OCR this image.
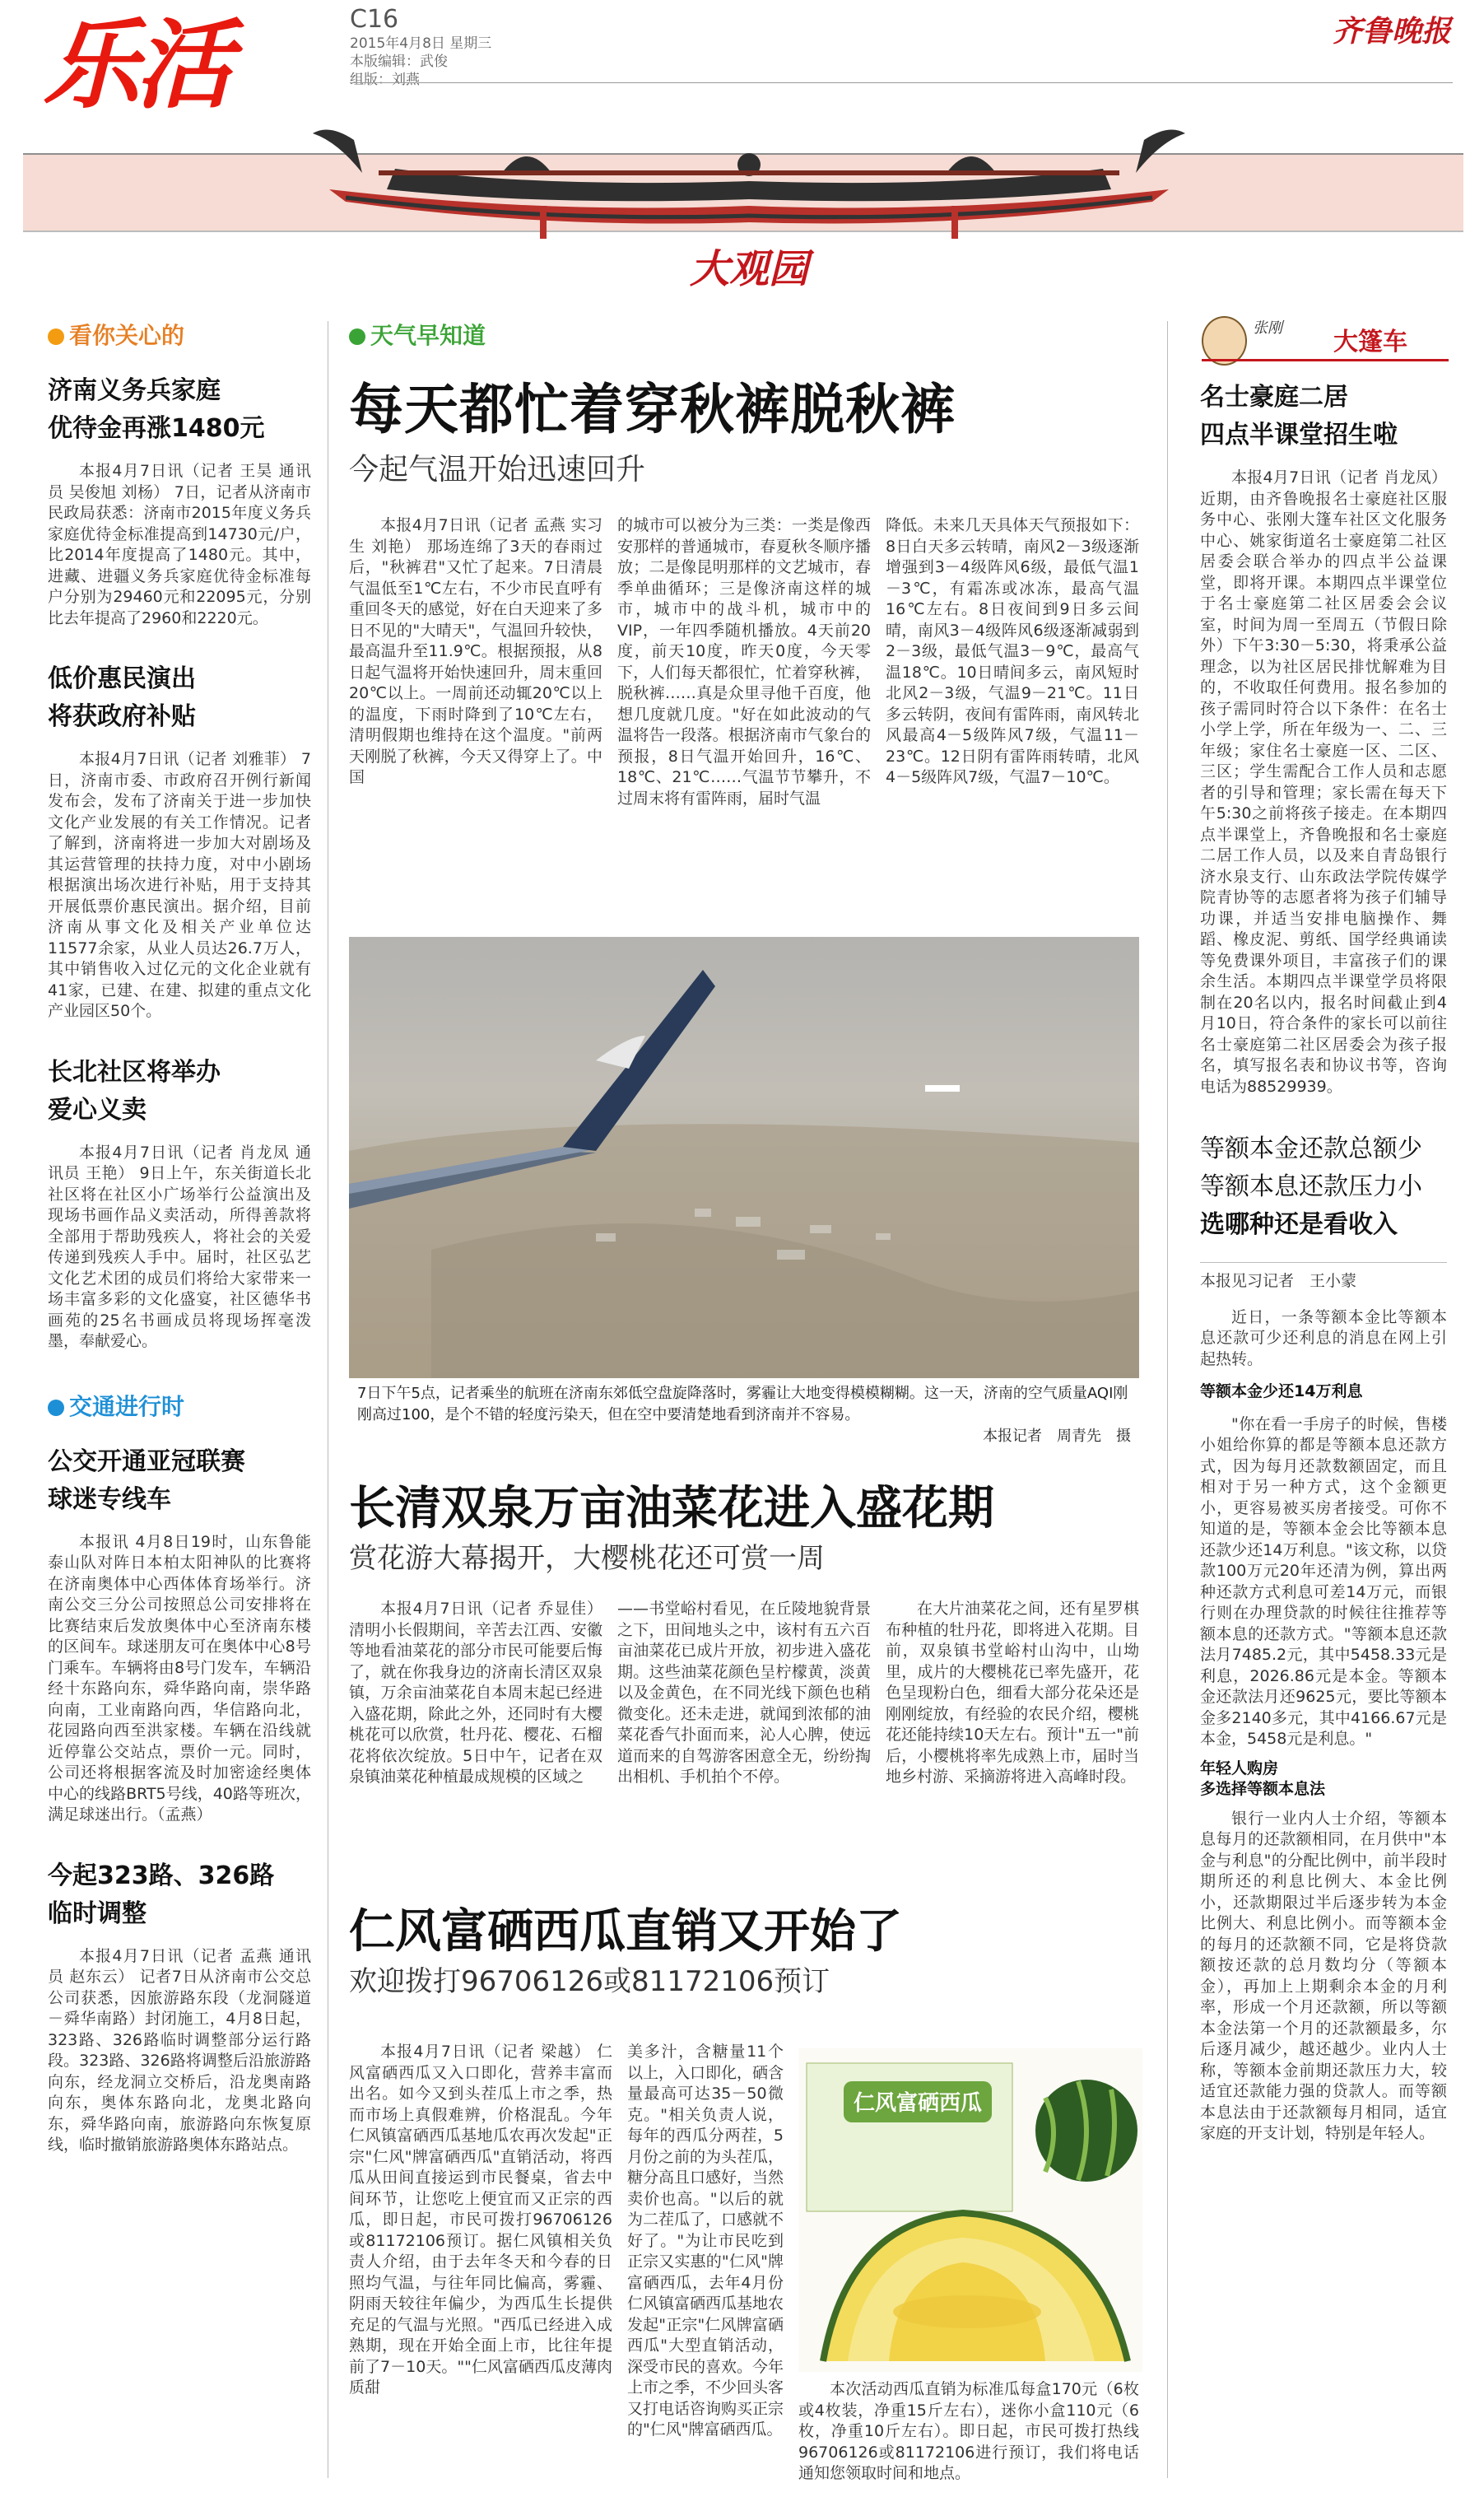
乐活	C16
2015年4月8日 星期三
本版编辑：武俊
组版：刘燕
齐鲁晚报
大观园
看你关心的
济南义务兵家庭
优待金再涨1480元
本报4月7日讯（记者 王昊 通讯员 吴俊旭 刘杨） 7日，记者从济南市民政局获悉：济南市2015年度义务兵家庭优待金标准提高到14730元/户，比2014年度提高了1480元。其中，进藏、进疆义务兵家庭优待金标准每户分别为29460元和22095元，分别比去年提高了2960和2220元。
低价惠民演出
将获政府补贴
本报4月7日讯（记者 刘雅菲） 7日，济南市委、市政府召开例行新闻发布会，发布了济南关于进一步加快文化产业发展的有关工作情况。记者了解到，济南将进一步加大对剧场及其运营管理的扶持力度，对中小剧场根据演出场次进行补贴，用于支持其开展低票价惠民演出。据介绍，目前济南从事文化及相关产业单位达11577余家，从业人员达26.7万人，其中销售收入过亿元的文化企业就有41家，已建、在建、拟建的重点文化产业园区50个。
长北社区将举办
爱心义卖
本报4月7日讯（记者 肖龙凤 通讯员 王艳） 9日上午，东关街道长北社区将在社区小广场举行公益演出及现场书画作品义卖活动，所得善款将全部用于帮助残疾人，将社会的关爱传递到残疾人手中。届时，社区弘艺文化艺术团的成员们将给大家带来一场丰富多彩的文化盛宴，社区德华书画苑的25名书画成员将现场挥毫泼墨，奉献爱心。
交通进行时
公交开通亚冠联赛
球迷专线车
本报讯 4月8日19时，山东鲁能泰山队对阵日本柏太阳神队的比赛将在济南奥体中心西体体育场举行。济南公交三分公司按照总公司安排将在比赛结束后发放奥体中心至济南东楼的区间车。球迷朋友可在奥体中心8号门乘车。车辆将由8号门发车，车辆沿经十东路向东，舜华路向南，崇华路向南，工业南路向西，华信路向北，花园路向西至洪家楼。车辆在沿线就近停靠公交站点，票价一元。同时，公司还将根据客流及时加密途经奥体中心的线路BRT5号线，40路等班次，满足球迷出行。（孟燕）
今起323路、326路
临时调整
本报4月7日讯（记者 孟燕 通讯员 赵东云） 记者7日从济南市公交总公司获悉，因旅游路东段（龙洞隧道－舜华南路）封闭施工，4月8日起，323路、326路临时调整部分运行路段。323路、326路将调整后沿旅游路向东，经龙洞立交桥后，沿龙奥南路向东，奥体东路向北，龙奥北路向东，舜华路向南，旅游路向东恢复原线，临时撤销旅游路奥体东路站点。
天气早知道
每天都忙着穿秋裤脱秋裤
今起气温开始迅速回升
本报4月7日讯（记者 孟燕 实习生 刘艳） 那场连绵了3天的春雨过后，"秋裤君"又忙了起来。7日清晨气温低至1℃左右，不少市民直呼有重回冬天的感觉，好在白天迎来了多日不见的"大晴天"，气温回升较快，最高温升至11.9℃。根据预报，从8日起气温将开始快速回升，周末重回20℃以上。一周前还动辄20℃以上的温度，下雨时降到了10℃左右，清明假期也维持在这个温度。"前两天刚脱了秋裤，今天又得穿上了。中国
的城市可以被分为三类：一类是像西安那样的普通城市，春夏秋冬顺序播放；二是像昆明那样的文艺城市，春季单曲循环；三是像济南这样的城市，城市中的战斗机，城市中的VIP，一年四季随机播放。4天前20度，前天10度，昨天0度，今天零下，人们每天都很忙，忙着穿秋裤，脱秋裤……真是众里寻他千百度，他想几度就几度。"好在如此波动的气温将告一段落。根据济南市气象台的预报，8日气温开始回升，16℃、18℃、21℃……气温节节攀升，不过周末将有雷阵雨，届时气温
降低。未来几天具体天气预报如下：8日白天多云转晴，南风2－3级逐渐增强到3－4级阵风6级，最低气温1－3℃，有霜冻或冰冻，最高气温16℃左右。8日夜间到9日多云间晴，南风3－4级阵风6级逐渐减弱到2－3级，最低气温3－9℃，最高气温18℃。10日晴间多云，南风短时北风2－3级，气温9－21℃。11日多云转阴，夜间有雷阵雨，南风转北风最高4－5级阵风7级，气温11－23℃。12日阴有雷阵雨转晴，北风4－5级阵风7级，气温7－10℃。
7日下午5点，记者乘坐的航班在济南东郊低空盘旋降落时，雾霾让大地变得模模糊糊。这一天，济南的空气质量AQI刚刚高过100，是个不错的轻度污染天，但在空中要清楚地看到济南并不容易。
本报记者　周青先　摄
长清双泉万亩油菜花进入盛花期
赏花游大幕揭开，大樱桃花还可赏一周
本报4月7日讯（记者 乔显佳） 清明小长假期间，辛苦去江西、安徽等地看油菜花的部分市民可能要后悔了，就在你我身边的济南长清区双泉镇，万余亩油菜花自本周末起已经进入盛花期，除此之外，还同时有大樱桃花可以欣赏，牡丹花、樱花、石榴花将依次绽放。5日中午，记者在双泉镇油菜花种植最成规模的区域之
——书堂峪村看见，在丘陵地貌背景之下，田间地头之中，该村有五六百亩油菜花已成片开放，初步进入盛花期。这些油菜花颜色呈柠檬黄，淡黄以及金黄色，在不同光线下颜色也稍微变化。还未走进，就闻到浓郁的油菜花香气扑面而来，沁人心脾，使远道而来的自驾游客困意全无，纷纷掏出相机、手机拍个不停。
在大片油菜花之间，还有星罗棋布种植的牡丹花，即将进入花期。目前，双泉镇书堂峪村山沟中，山坳里，成片的大樱桃花已率先盛开，花色呈现粉白色，细看大部分花朵还是刚刚绽放，有经验的农民介绍，樱桃花还能持续10天左右。预计"五一"前后，小樱桃将率先成熟上市，届时当地乡村游、采摘游将进入高峰时段。
仁风富硒西瓜直销又开始了
欢迎拨打96706126或81172106预订
本报4月7日讯（记者 梁越） 仁风富硒西瓜又入口即化，营养丰富而出名。如今又到头茬瓜上市之季，热而市场上真假难辨，价格混乱。今年仁风镇富硒西瓜基地瓜农再次发起"正宗"仁风"牌富硒西瓜"直销活动，将西瓜从田间直接运到市民餐桌，省去中间环节，让您吃上便宜而又正宗的西瓜，即日起，市民可拨打96706126或81172106预订。据仁风镇相关负责人介绍，由于去年冬天和今春的日照均气温，与往年同比偏高，雾霾、阴雨天较往年偏少，为西瓜生长提供充足的气温与光照。"西瓜已经进入成熟期，现在开始全面上市，比往年提前了7－10天。""仁风富硒西瓜皮薄肉质甜
美多汁，含糖量11个以上，入口即化，硒含量最高可达35－50微克。"相关负责人说，每年的西瓜分两茬，5月份之前的为头茬瓜，糖分高且口感好，当然卖价也高。"以后的就为二茬瓜了，口感就不好了。"为让市民吃到正宗又实惠的"仁风"牌富硒西瓜，去年4月份仁风镇富硒西瓜基地农发起"正宗"仁风牌富硒西瓜"大型直销活动，深受市民的喜欢。今年上市之季，不少回头客又打电话咨询购买正宗的"仁风"牌富硒西瓜。
仁风富硒西瓜
本次活动西瓜直销为标准瓜每盒170元（6枚或4枚装，净重15斤左右），迷你小盒110元（6枚，净重10斤左右）。即日起，市民可拨打热线96706126或81172106进行预订，我们将电话通知您领取时间和地点。
张刚 大篷车
名士豪庭二居
四点半课堂招生啦
本报4月7日讯（记者 肖龙凤） 近期，由齐鲁晚报名士豪庭社区服务中心、张刚大篷车社区文化服务中心、姚家街道名士豪庭第二社区居委会联合举办的四点半公益课堂，即将开课。本期四点半课堂位于名士豪庭第二社区居委会会议室，时间为周一至周五（节假日除外）下午3:30－5:30，将秉承公益理念，以为社区居民排忧解难为目的，不收取任何费用。报名参加的孩子需同时符合以下条件：在名士小学上学，所在年级为一、二、三年级；家住名士豪庭一区、二区、三区；学生需配合工作人员和志愿者的引导和管理；家长需在每天下午5:30之前将孩子接走。在本期四点半课堂上，齐鲁晚报和名士豪庭二居工作人员，以及来自青岛银行济水泉支行、山东政法学院传媒学院青协等的志愿者将为孩子们辅导功课，并适当安排电脑操作、舞蹈、橡皮泥、剪纸、国学经典诵读等免费课外项目，丰富孩子们的课余生活。本期四点半课堂学员将限制在20名以内，报名时间截止到4月10日，符合条件的家长可以前往名士豪庭第二社区居委会为孩子报名，填写报名表和协议书等，咨询电话为88529939。
等额本金还款总额少
等额本息还款压力小
选哪种还是看收入
本报见习记者　王小蒙
近日，一条等额本金比等额本息还款可少还利息的消息在网上引起热转。
等额本金少还14万利息
"你在看一手房子的时候，售楼小姐给你算的都是等额本息还款方式，因为每月还款数额固定，而且相对于另一种方式，这个金额更小，更容易被买房者接受。可你不知道的是，等额本金会比等额本息还款少还14万利息。"该文称，以贷款100万元20年还清为例，算出两种还款方式利息可差14万元，而银行则在办理贷款的时候往往推荐等额本息的还款方式。"等额本息还款法月7485.2元，其中5458.33元是利息，2026.86元是本金。等额本金还款法月还9625元，要比等额本金多2140多元，其中4166.67元是本金，5458元是利息。"
年轻人购房
多选择等额本息法
银行一业内人士介绍，等额本息每月的还款额相同，在月供中"本金与利息"的分配比例中，前半段时期所还的利息比例大、本金比例小，还款期限过半后逐步转为本金比例大、利息比例小。而等额本金的每月的还款额不同，它是将贷款额按还款的总月数均分（等额本金），再加上上期剩余本金的月利率，形成一个月还款额，所以等额本金法第一个月的还款额最多，尔后逐月减少，越还越少。业内人士称，等额本金前期还款压力大，较适宜还款能力强的贷款人。而等额本息法由于还款额每月相同，适宜家庭的开支计划，特别是年轻人。
